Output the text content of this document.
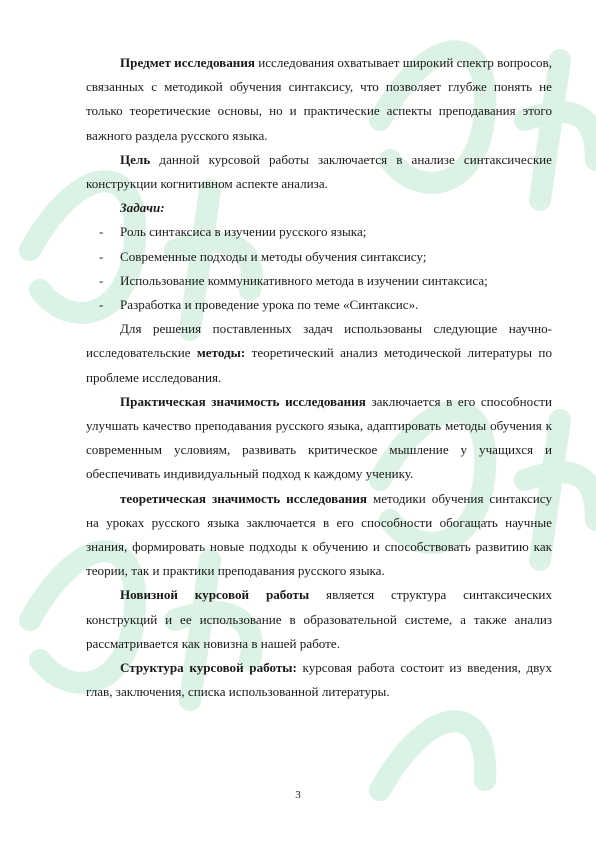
Предмет исследования исследования охватывает широкий спектр вопросов, связанных с методикой обучения синтаксису, что позволяет глубже понять не только теоретические основы, но и практические аспекты преподавания этого важного раздела русского языка.

Цель данной курсовой работы заключается в анализе синтаксические конструкции когнитивном аспекте анализа.

Задачи:
- Роль синтаксиса в изучении русского языка;
- Современные подходы и методы обучения синтаксису;
- Использование коммуникативного метода в изучении синтаксиса;
- Разработка и проведение урока по теме «Синтаксис».

Для решения поставленных задач использованы следующие научно-исследовательские методы: теоретический анализ методической литературы по проблеме исследования.

Практическая значимость исследования заключается в его способности улучшать качество преподавания русского языка, адаптировать методы обучения к современным условиям, развивать критическое мышление у учащихся и обеспечивать индивидуальный подход к каждому ученику.

теоретическая значимость исследования методики обучения синтаксису на уроках русского языка заключается в его способности обогащать научные знания, формировать новые подходы к обучению и способствовать развитию как теории, так и практики преподавания русского языка.

Новизной курсовой работы является структура синтаксических конструкций и ее использование в образовательной системе, а также анализ рассматривается как новизна в нашей работе.

Структура курсовой работы: курсовая работа состоит из введения, двух глав, заключения, списка использованной литературы.

3
